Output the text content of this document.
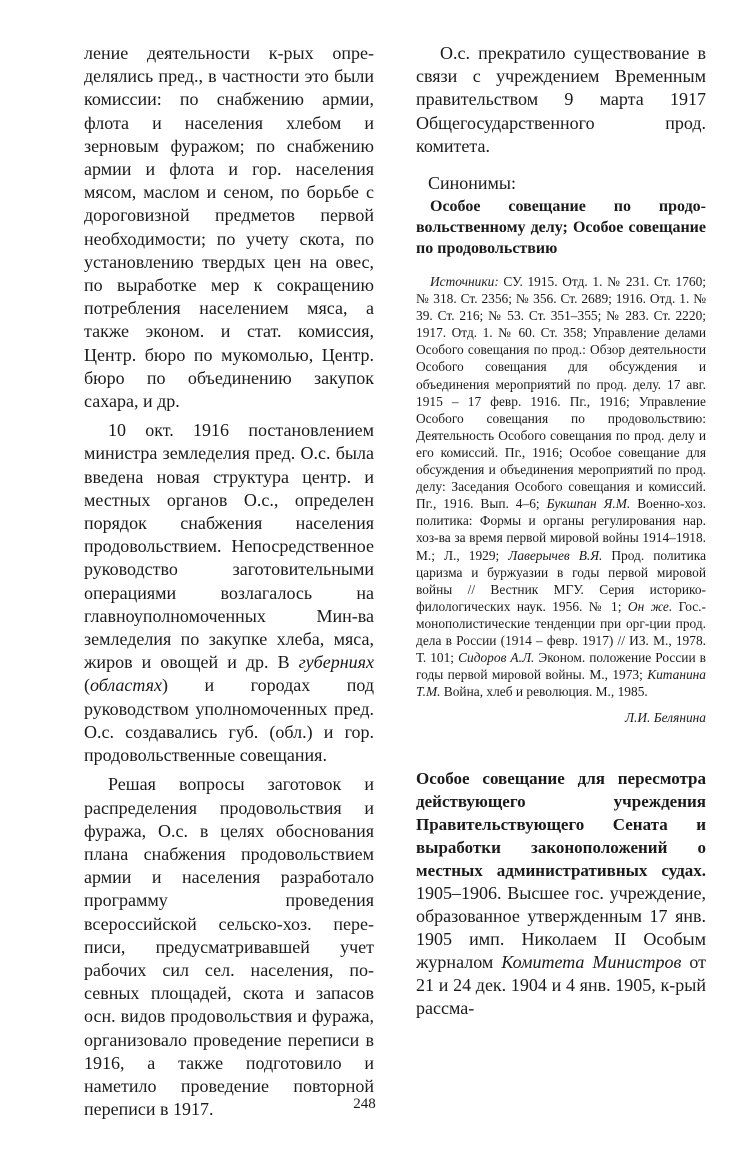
ление деятельности к-рых определялись пред., в частности это были комиссии: по снабжению армии, флота и населения хлебом и зерновым фуражом; по снабжению армии и флота и гор. населения мясом, маслом и сеном, по борьбе с дороговизной предметов первой необходимости; по учету скота, по установлению твердых цен на овес, по выработке мер к сокращению потребления населением мяса, а также эконом. и стат. комиссия, Центр. бюро по мукомолью, Центр. бюро по объединению закупок сахара, и др.

10 окт. 1916 постановлением министра земледелия пред. О.с. была введена новая структура центр. и местных органов О.с., определен порядок снабжения населения продовольствием. Непосредственное руководство заготовительными операциями возлагалось на главноуполномоченных Мин-ва земледелия по закупке хлеба, мяса, жиров и овощей и др. В губерниях (областях) и городах под руководством уполномоченных пред. О.с. создавались губ. (обл.) и гор. продовольственные совещания.

Решая вопросы заготовок и распределения продовольствия и фуража, О.с. в целях обоснования плана снабжения продовольствием армии и населения разработало программу проведения всероссийской сельско-хоз. переписи, предусматривавшей учет рабочих сил сел. населения, посевных площадей, скота и запасов осн. видов продовольствия и фуража, организовало проведение переписи в 1916, а также подготовило и наметило проведение повторной переписи в 1917.

О.с. прекратило существование в связи с учреждением Временным правительством 9 марта 1917 Общегосударственного прод. комитета.

Синонимы:

Особое совещание по продовольственному делу; Особое совещание по продовольствию

Источники: СУ. 1915. Отд. 1. № 231. Ст. 1760; № 318. Ст. 2356; № 356. Ст. 2689; 1916. Отд. 1. № 39. Ст. 216; № 53. Ст. 351–355; № 283. Ст. 2220; 1917. Отд. 1. № 60. Ст. 358; Управление делами Особого совещания по прод.: Обзор деятельности Особого совещания для обсуждения и объединения мероприятий по прод. делу. 17 авг. 1915 – 17 февр. 1916. Пг., 1916; Управление Особого совещания по продовольствию: Деятельность Особого совещания по прод. делу и его комиссий. Пг., 1916; Особое совещание для обсуждения и объединения мероприятий по прод. делу: Заседания Особого совещания и комиссий. Пг., 1916. Вып. 4–6; Букшпан Я.М. Военно-хоз. политика: Формы и органы регулирования нар. хоз-ва за время первой мировой войны 1914–1918. М.; Л., 1929; Лаверычев В.Я. Прод. политика царизма и буржуазии в годы первой мировой войны // Вестник МГУ. Серия историко-филологических наук. 1956. № 1; Он же. Гос.-монополистические тенденции при орг-ции прод. дела в России (1914 – февр. 1917) // ИЗ. М., 1978. Т. 101; Сидоров А.Л. Эконом. положение России в годы первой мировой войны. М., 1973; Китанина Т.М. Война, хлеб и революция. М., 1985.

Л.И. Белянина

Особое совещание для пересмотра действующего учреждения Правительствующего Сената и выработки законоположений о местных административных судах. 1905–1906. Высшее гос. учреждение, образованное утвержденным 17 янв. 1905 имп. Николаем II Особым журналом Комитета Министров от 21 и 24 дек. 1904 и 4 янв. 1905, к-рый рассма-

248
